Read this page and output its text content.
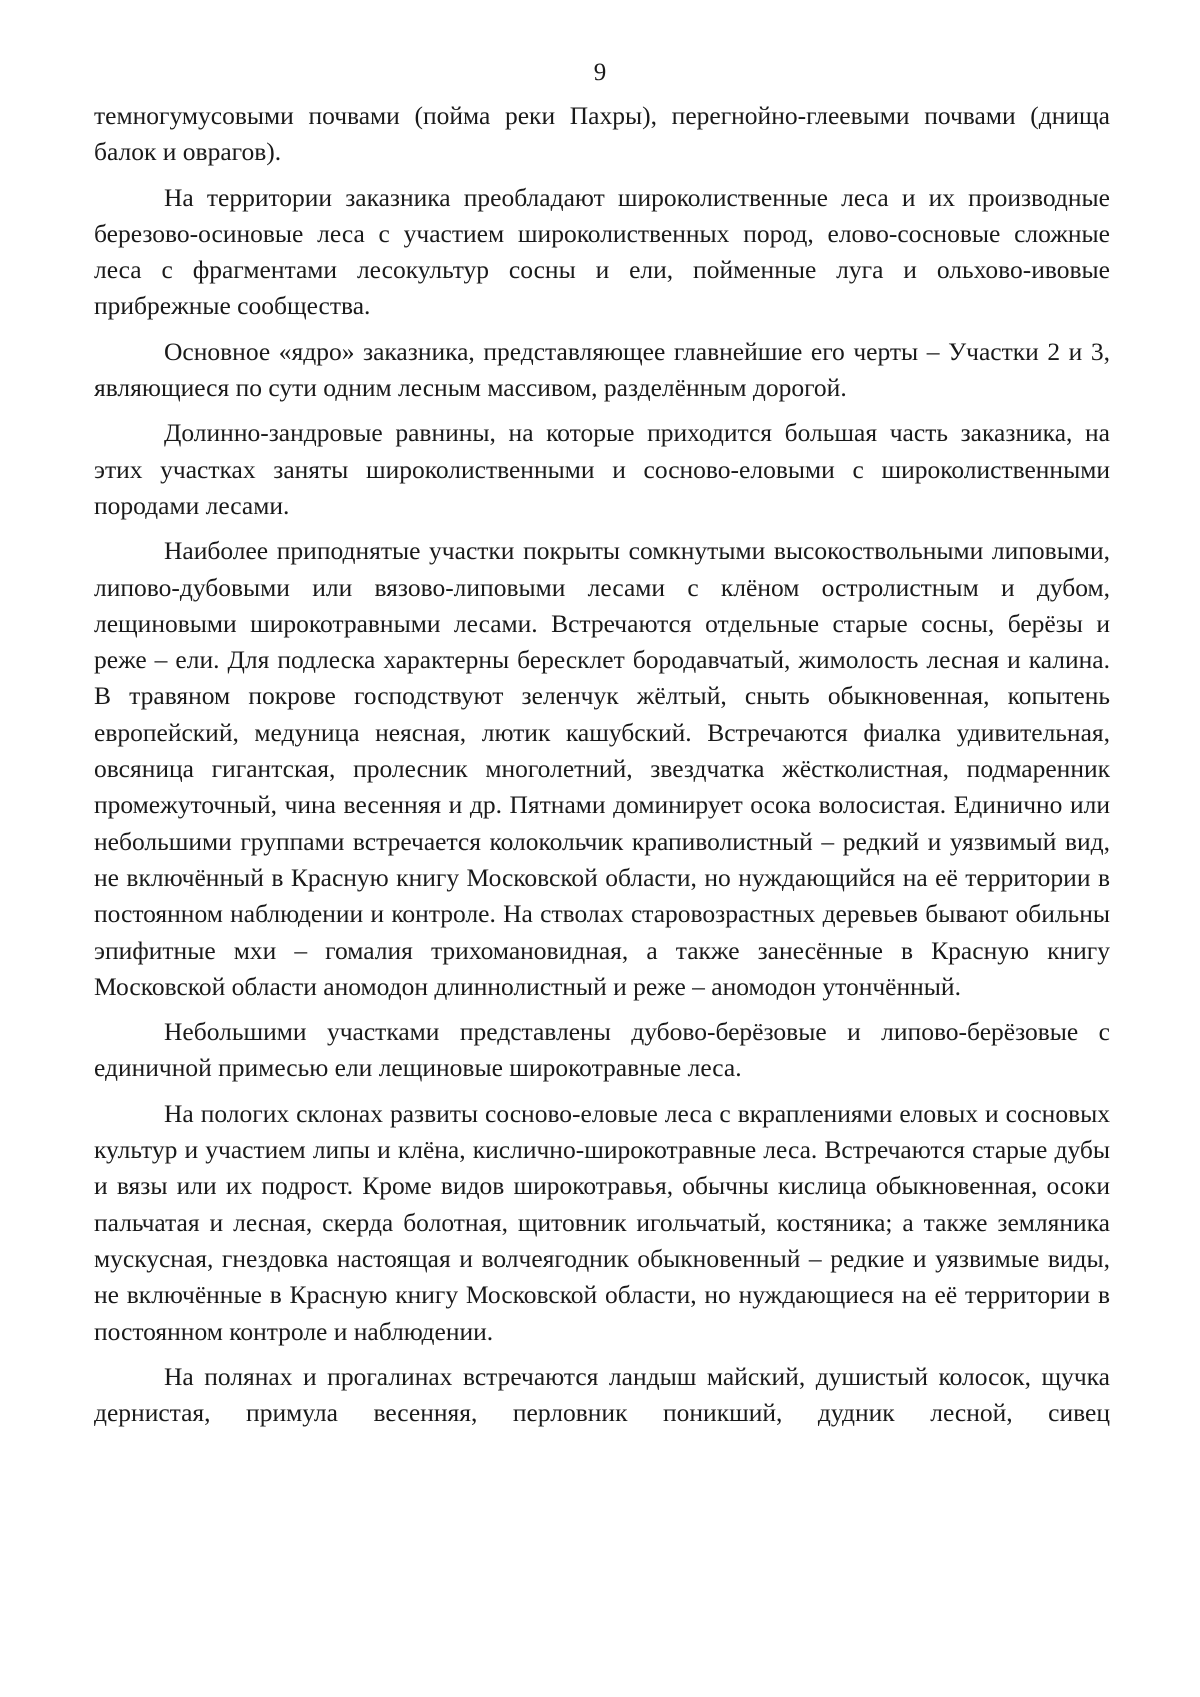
9

темногумусовыми почвами (пойма реки Пахры), перегнойно-глеевыми почвами (днища балок и оврагов).

На территории заказника преобладают широколиственные леса и их производные березово-осиновые леса с участием широколиственных пород, елово-сосновые сложные леса с фрагментами лесокультур сосны и ели, пойменные луга и ольхово-ивовые прибрежные сообщества.

Основное «ядро» заказника, представляющее главнейшие его черты – Участки 2 и 3, являющиеся по сути одним лесным массивом, разделённым дорогой.

Долинно-зандровые равнины, на которые приходится большая часть заказника, на этих участках заняты широколиственными и сосново-еловыми с широколиственными породами лесами.

Наиболее приподнятые участки покрыты сомкнутыми высокоствольными липовыми, липово-дубовыми или вязово-липовыми лесами с клёном остролистным и дубом, лещиновыми широкотравными лесами. Встречаются отдельные старые сосны, берёзы и реже – ели. Для подлеска характерны бересклет бородавчатый, жимолость лесная и калина. В травяном покрове господствуют зеленчук жёлтый, сныть обыкновенная, копытень европейский, медуница неясная, лютик кашубский. Встречаются фиалка удивительная, овсяница гигантская, пролесник многолетний, звездчатка жёстколистная, подмаренник промежуточный, чина весенняя и др. Пятнами доминирует осока волосистая. Единично или небольшими группами встречается колокольчик крапиволистный – редкий и уязвимый вид, не включённый в Красную книгу Московской области, но нуждающийся на её территории в постоянном наблюдении и контроле. На стволах старовозрастных деревьев бывают обильны эпифитные мхи – гомалия трихомановидная, а также занесённые в Красную книгу Московской области аномодон длиннолистный и реже – аномодон утончённый.

Небольшими участками представлены дубово-берёзовые и липово-берёзовые с единичной примесью ели лещиновые широкотравные леса.

На пологих склонах развиты сосново-еловые леса с вкраплениями еловых и сосновых культур и участием липы и клёна, кислично-широкотравные леса. Встречаются старые дубы и вязы или их подрост. Кроме видов широкотравья, обычны кислица обыкновенная, осоки пальчатая и лесная, скерда болотная, щитовник игольчатый, костяника; а также земляника мускусная, гнездовка настоящая и волчеягодник обыкновенный – редкие и уязвимые виды, не включённые в Красную книгу Московской области, но нуждающиеся на её территории в постоянном контроле и наблюдении.

На полянах и прогалинах встречаются ландыш майский, душистый колосок, щучка дернистая, примула весенняя, перловник поникший, дудник лесной, сивец
